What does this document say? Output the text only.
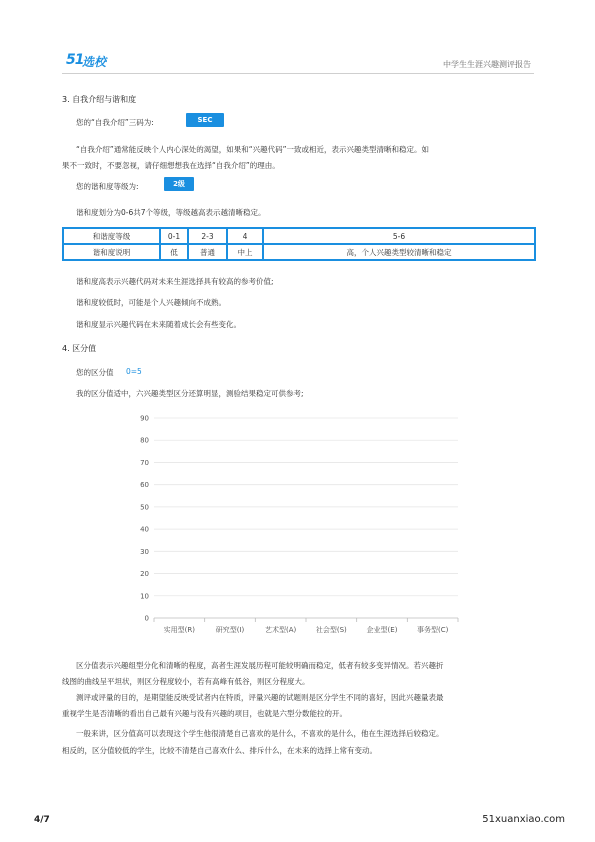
51
选校	中学生生涯兴趣测评报告
3. 自我介绍与谐和度
您的“自我介绍”三码为:	SEC
“自我介绍”通常能反映个人内心深处的渴望，如果和“兴趣代码”一致或相近，表示兴趣类型清晰和稳定。如
果不一致时，不要忽视，请仔细想想我在选择“自我介绍”的理由。
您的谐和度等级为:	2级
谐和度划分为0-6共7个等级，等级越高表示越清晰稳定。
和谐度等级	0-1	2-3	4	5-6
谐和度说明	低	普通	中上	高，个人兴趣类型较清晰和稳定
谐和度高表示兴趣代码对未来生涯选择具有较高的参考价值;
谐和度较低时，可能是个人兴趣倾向不成熟。
谐和度显示兴趣代码在未来随着成长会有些变化。
4. 区分值
您的区分值 0=5
我的区分值适中，六兴趣类型区分还算明显，测验结果稳定可供参考;
0
10
20
30
40
50
60
70
80
90
实用型(R)	研究型(I)	艺术型(A)	社会型(S)	企业型(E)	事务型(C)
区分值表示兴趣组型分化和清晰的程度，高者生涯发展历程可能较明确而稳定，低者有较多变异情况。若兴趣折
线图的曲线呈平坦状，则区分程度较小，若有高峰有低谷，则区分程度大。
测评或评量的目的，是期望能反映受试者内在特质，评量兴趣的试题则是区分学生不同的喜好，因此兴趣量表最
重视学生是否清晰的看出自己最有兴趣与没有兴趣的项目，也就是六型分数能拉的开。
一般来讲，区分值高可以表现这个学生他很清楚自己喜欢的是什么，不喜欢的是什么，他在生涯选择后较稳定。
相反的，区分值较低的学生，比较不清楚自己喜欢什么、排斥什么，在未来的选择上常有变动。
4/7	51xuanxiao.com
